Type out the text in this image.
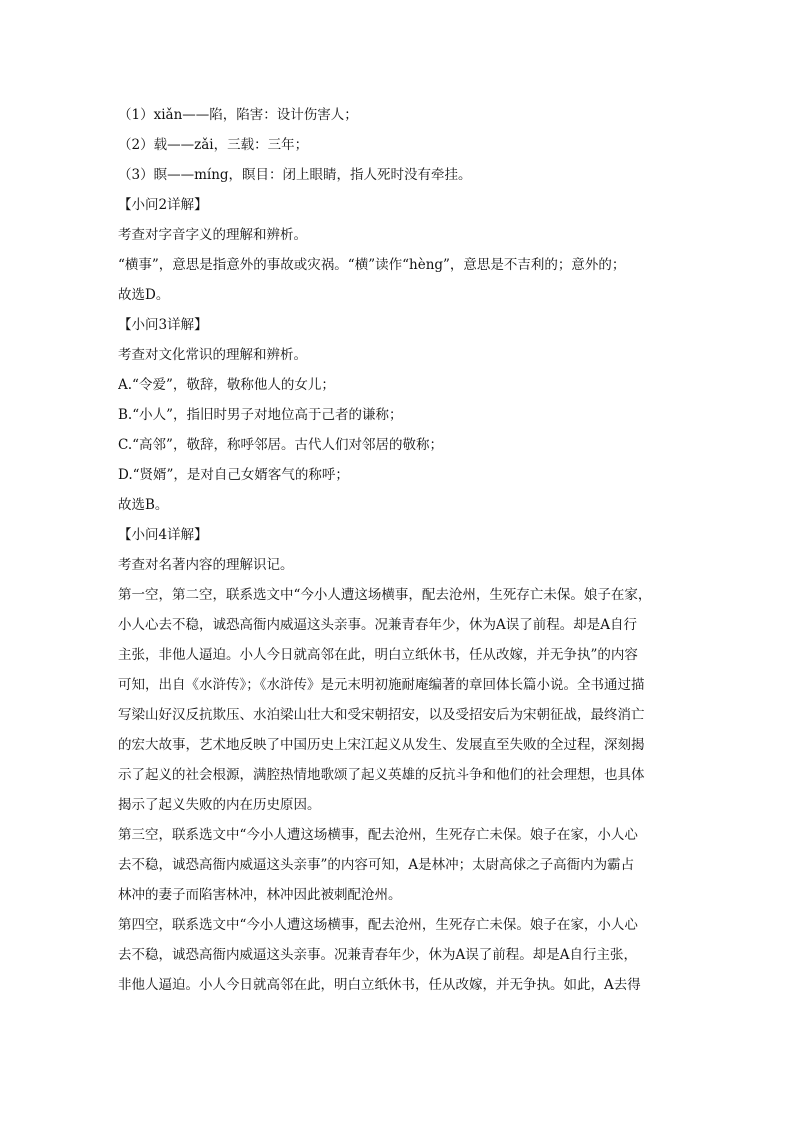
（1）xiǎn——陷，陷害：设计伤害人；
（2）载——zǎi，三载：三年；
（3）瞑——míng，瞑目：闭上眼睛，指人死时没有牵挂。
【小问2详解】
考查对字音字义的理解和辨析。
“横事”，意思是指意外的事故或灾祸。“横”读作“hèng”，意思是不吉利的；意外的；
故选D。
【小问3详解】
考查对文化常识的理解和辨析。
A.“令爱”，敬辞，敬称他人的女儿；
B.“小人”，指旧时男子对地位高于己者的谦称；
C.“高邻”，敬辞，称呼邻居。古代人们对邻居的敬称；
D.“贤婿”，是对自己女婿客气的称呼；
故选B。
【小问4详解】
考查对名著内容的理解识记。
第一空，第二空，联系选文中“今小人遭这场横事，配去沧州，生死存亡未保。娘子在家，
小人心去不稳，诚恐高衙内威逼这头亲事。况兼青春年少，休为A误了前程。却是A自行
主张，非他人逼迫。小人今日就高邻在此，明白立纸休书，任从改嫁，并无争执”的内容
可知，出自《水浒传》；《水浒传》是元末明初施耐庵编著的章回体长篇小说。全书通过描
写梁山好汉反抗欺压、水泊梁山壮大和受宋朝招安，以及受招安后为宋朝征战，最终消亡
的宏大故事，艺术地反映了中国历史上宋江起义从发生、发展直至失败的全过程，深刻揭
示了起义的社会根源，满腔热情地歌颂了起义英雄的反抗斗争和他们的社会理想，也具体
揭示了起义失败的内在历史原因。
第三空，联系选文中“今小人遭这场横事，配去沧州，生死存亡未保。娘子在家，小人心
去不稳，诚恐高衙内威逼这头亲事”的内容可知，A是林冲；太尉高俅之子高衙内为霸占
林冲的妻子而陷害林冲，林冲因此被刺配沧州。
第四空，联系选文中“今小人遭这场横事，配去沧州，生死存亡未保。娘子在家，小人心
去不稳，诚恐高衙内威逼这头亲事。况兼青春年少，休为A误了前程。却是A自行主张，
非他人逼迫。小人今日就高邻在此，明白立纸休书，任从改嫁，并无争执。如此，A去得
